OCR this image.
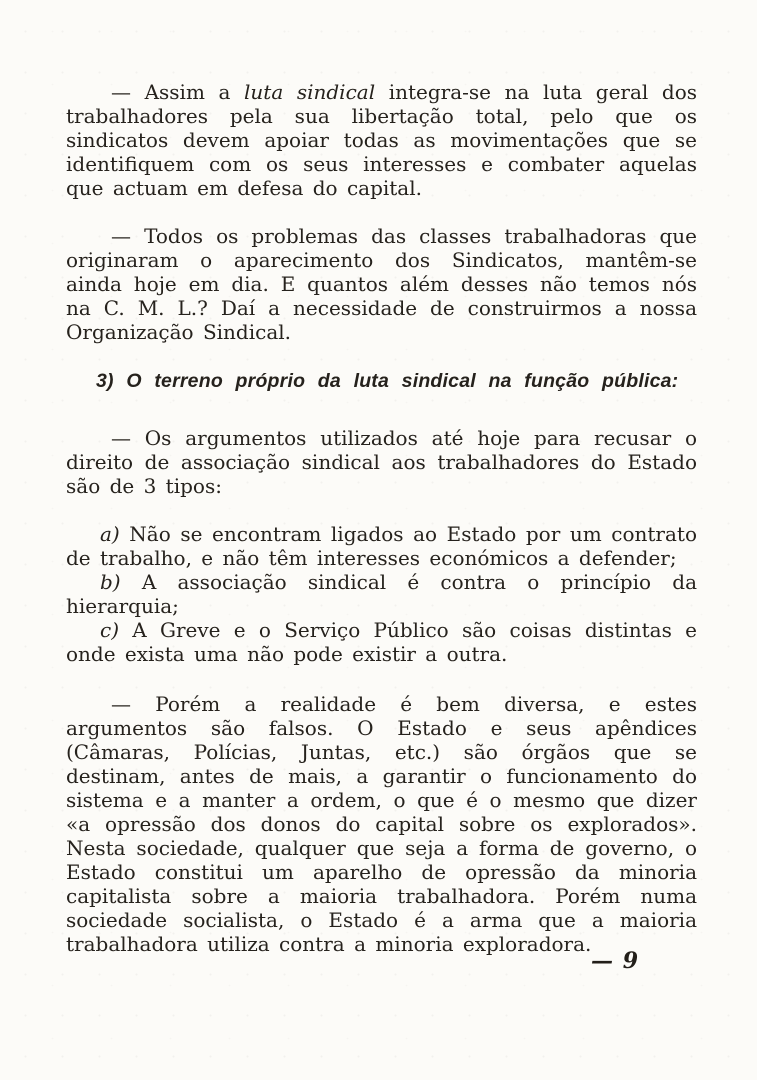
— Assim a luta sindical integra-se na luta geral dos trabalhadores pela sua libertação total, pelo que os sindicatos devem apoiar todas as movimentações que se identifiquem com os seus interesses e combater aquelas que actuam em defesa do capital.

— Todos os problemas das classes trabalhadoras que originaram o aparecimento dos Sindicatos, mantêm-se ainda hoje em dia. E quantos além desses não temos nós na C. M. L.? Daí a necessidade de construirmos a nossa Organização Sindical.

3) O terreno próprio da luta sindical na função pública:

— Os argumentos utilizados até hoje para recusar o direito de associação sindical aos trabalhadores do Estado são de 3 tipos:

a) Não se encontram ligados ao Estado por um contrato de trabalho, e não têm interesses económicos a defender;

b) A associação sindical é contra o princípio da hierarquia;

c) A Greve e o Serviço Público são coisas distintas e onde exista uma não pode existir a outra.

— Porém a realidade é bem diversa, e estes argumentos são falsos. O Estado e seus apêndices (Câmaras, Polícias, Juntas, etc.) são órgãos que se destinam, antes de mais, a garantir o funcionamento do sistema e a manter a ordem, o que é o mesmo que dizer «a opressão dos donos do capital sobre os explorados». Nesta sociedade, qualquer que seja a forma de governo, o Estado constitui um aparelho de opressão da minoria capitalista sobre a maioria trabalhadora. Porém numa sociedade socialista, o Estado é a arma que a maioria trabalhadora utiliza contra a minoria exploradora.

— 9
